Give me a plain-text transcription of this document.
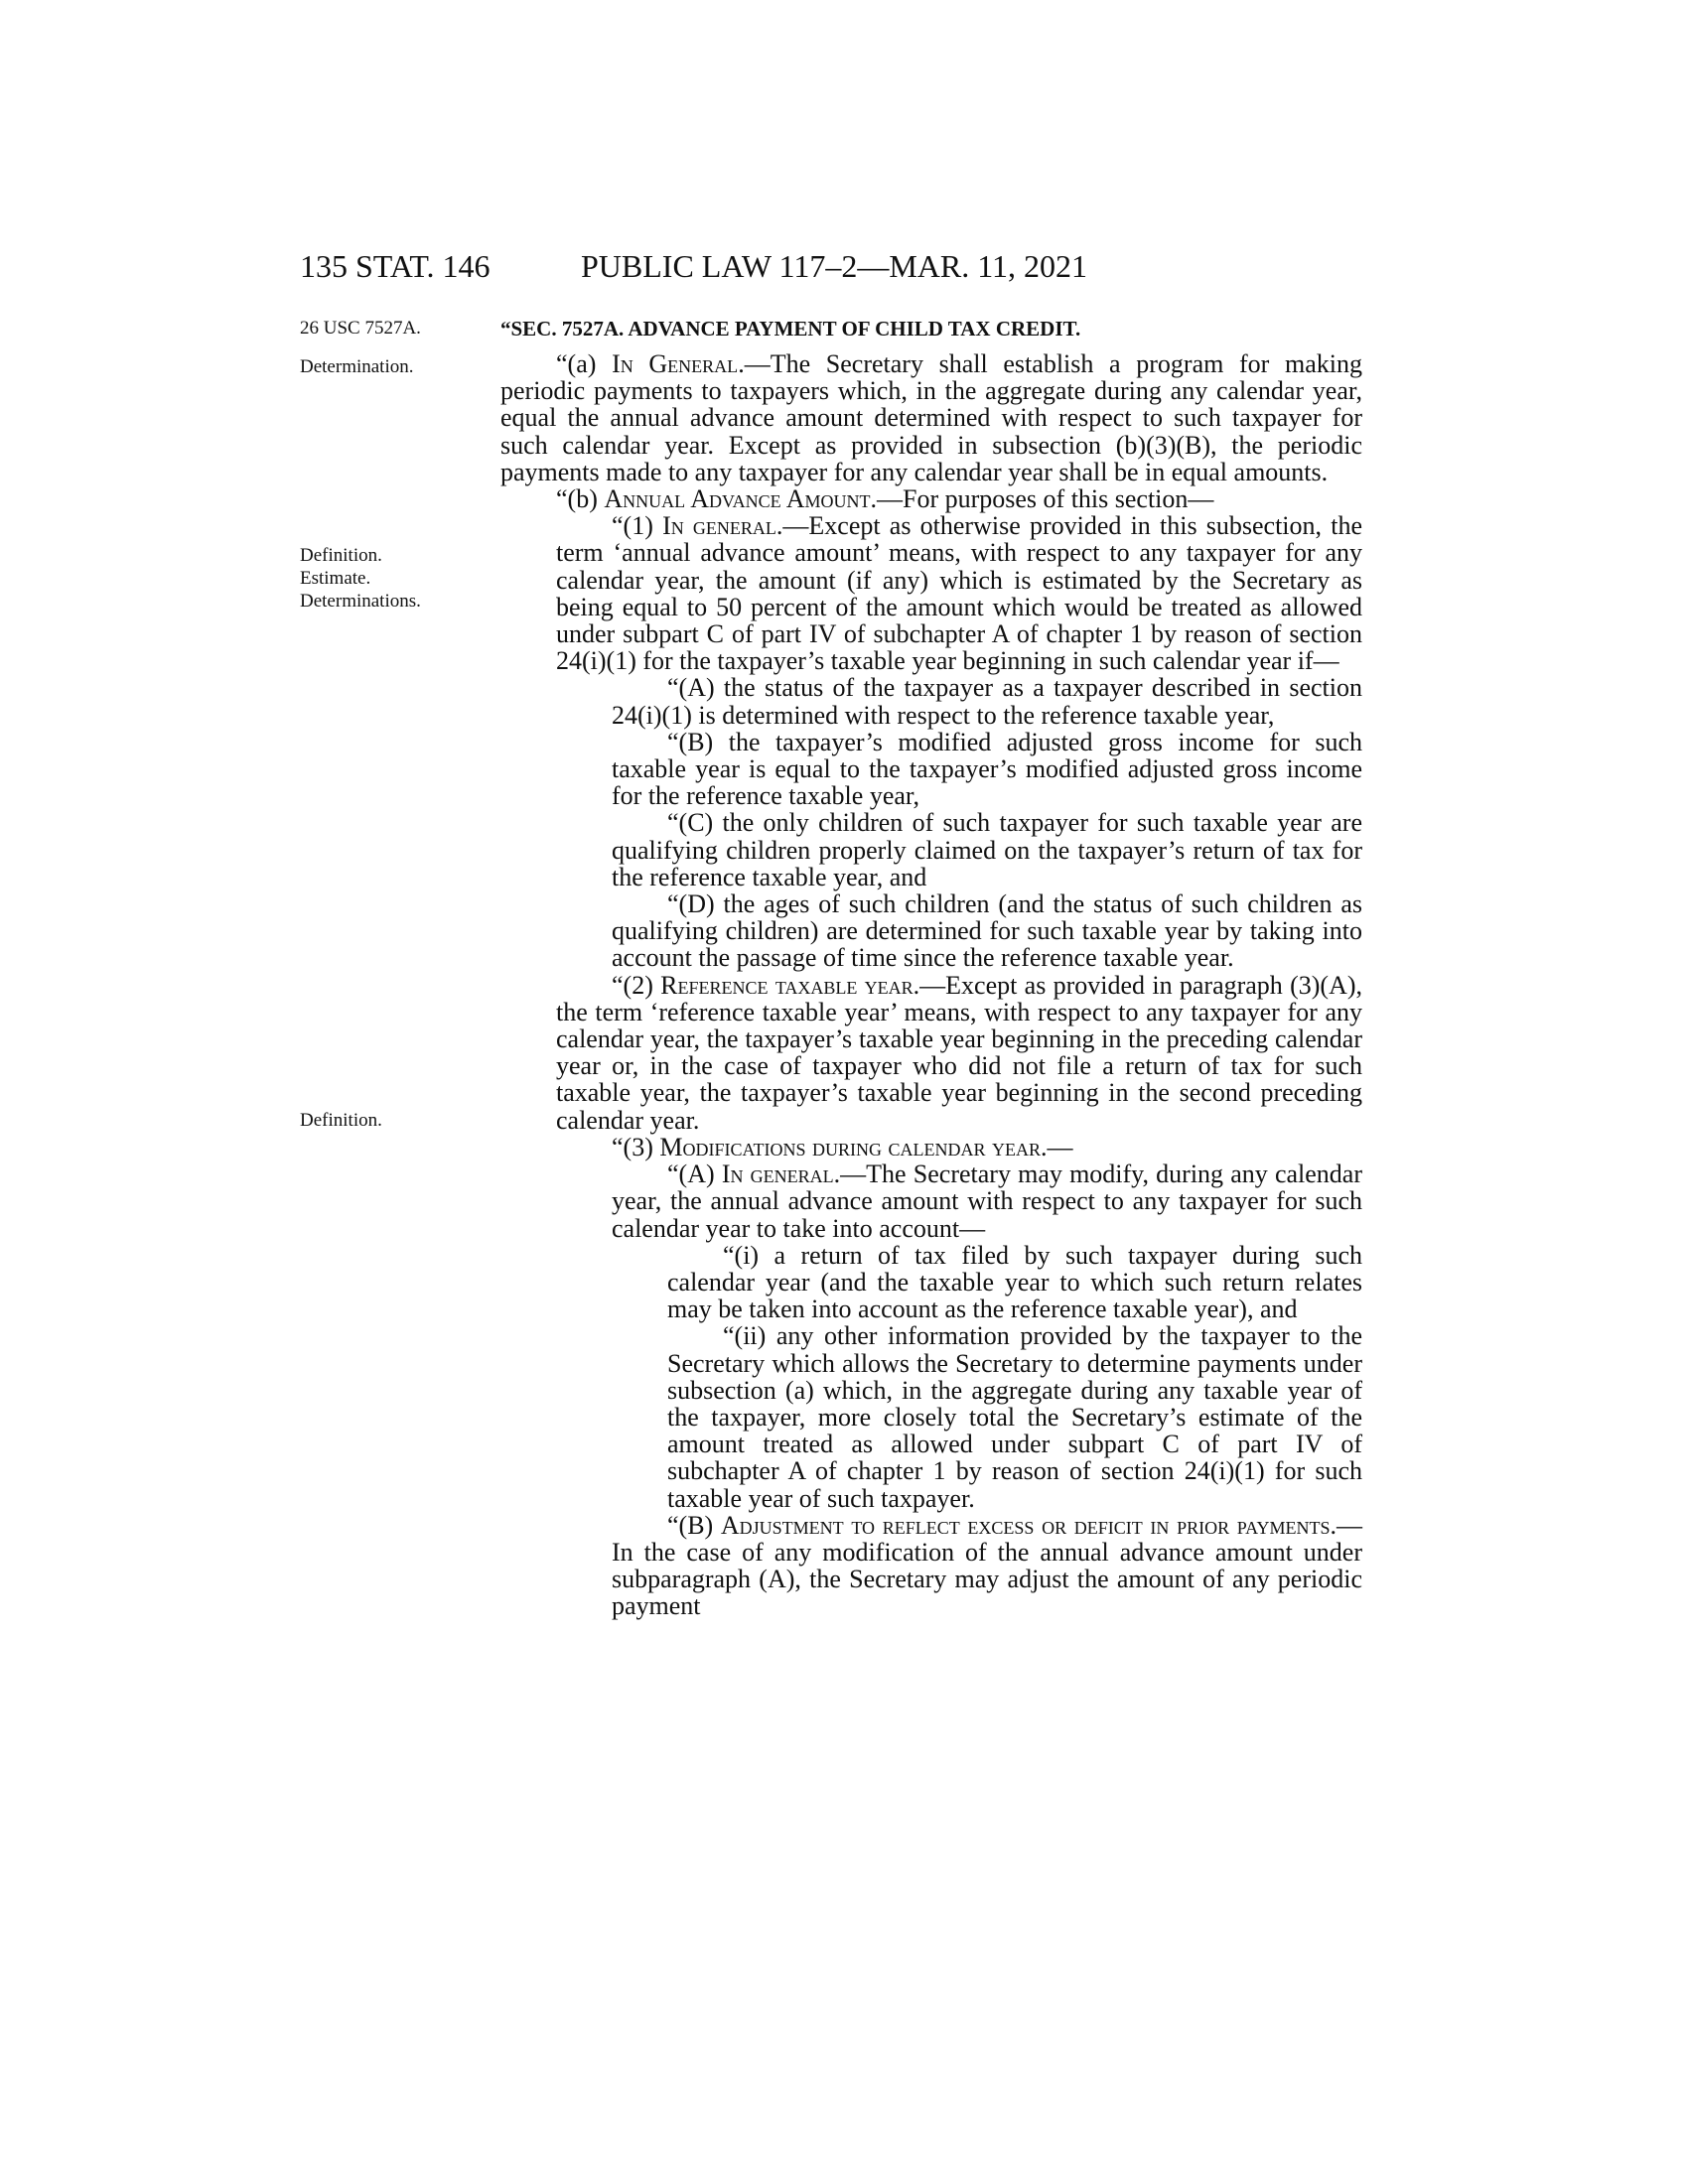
135 STAT. 146	PUBLIC LAW 117–2—MAR. 11, 2021
26 USC 7527A.
Determination.
Definition.
Estimate.
Determinations.
Definition.
“SEC. 7527A. ADVANCE PAYMENT OF CHILD TAX CREDIT.

“(a) In General.—The Secretary shall establish a program for making periodic payments to taxpayers which, in the aggregate during any calendar year, equal the annual advance amount determined with respect to such taxpayer for such calendar year. Except as provided in subsection (b)(3)(B), the periodic payments made to any taxpayer for any calendar year shall be in equal amounts.

“(b) Annual Advance Amount.—For purposes of this section—

“(1) In general.—Except as otherwise provided in this subsection, the term ‘annual advance amount’ means, with respect to any taxpayer for any calendar year, the amount (if any) which is estimated by the Secretary as being equal to 50 percent of the amount which would be treated as allowed under subpart C of part IV of subchapter A of chapter 1 by reason of section 24(i)(1) for the taxpayer’s taxable year beginning in such calendar year if—

“(A) the status of the taxpayer as a taxpayer described in section 24(i)(1) is determined with respect to the reference taxable year,

“(B) the taxpayer’s modified adjusted gross income for such taxable year is equal to the taxpayer’s modified adjusted gross income for the reference taxable year,

“(C) the only children of such taxpayer for such taxable year are qualifying children properly claimed on the taxpayer’s return of tax for the reference taxable year, and

“(D) the ages of such children (and the status of such children as qualifying children) are determined for such taxable year by taking into account the passage of time since the reference taxable year.

“(2) Reference taxable year.—Except as provided in paragraph (3)(A), the term ‘reference taxable year’ means, with respect to any taxpayer for any calendar year, the taxpayer’s taxable year beginning in the preceding calendar year or, in the case of taxpayer who did not file a return of tax for such taxable year, the taxpayer’s taxable year beginning in the second preceding calendar year.

“(3) Modifications during calendar year.—

“(A) In general.—The Secretary may modify, during any calendar year, the annual advance amount with respect to any taxpayer for such calendar year to take into account—

“(i) a return of tax filed by such taxpayer during such calendar year (and the taxable year to which such return relates may be taken into account as the reference taxable year), and

“(ii) any other information provided by the taxpayer to the Secretary which allows the Secretary to determine payments under subsection (a) which, in the aggregate during any taxable year of the taxpayer, more closely total the Secretary’s estimate of the amount treated as allowed under subpart C of part IV of subchapter A of chapter 1 by reason of section 24(i)(1) for such taxable year of such taxpayer.

“(B) Adjustment to reflect excess or deficit in prior payments.—In the case of any modification of the annual advance amount under subparagraph (A), the Secretary may adjust the amount of any periodic payment
